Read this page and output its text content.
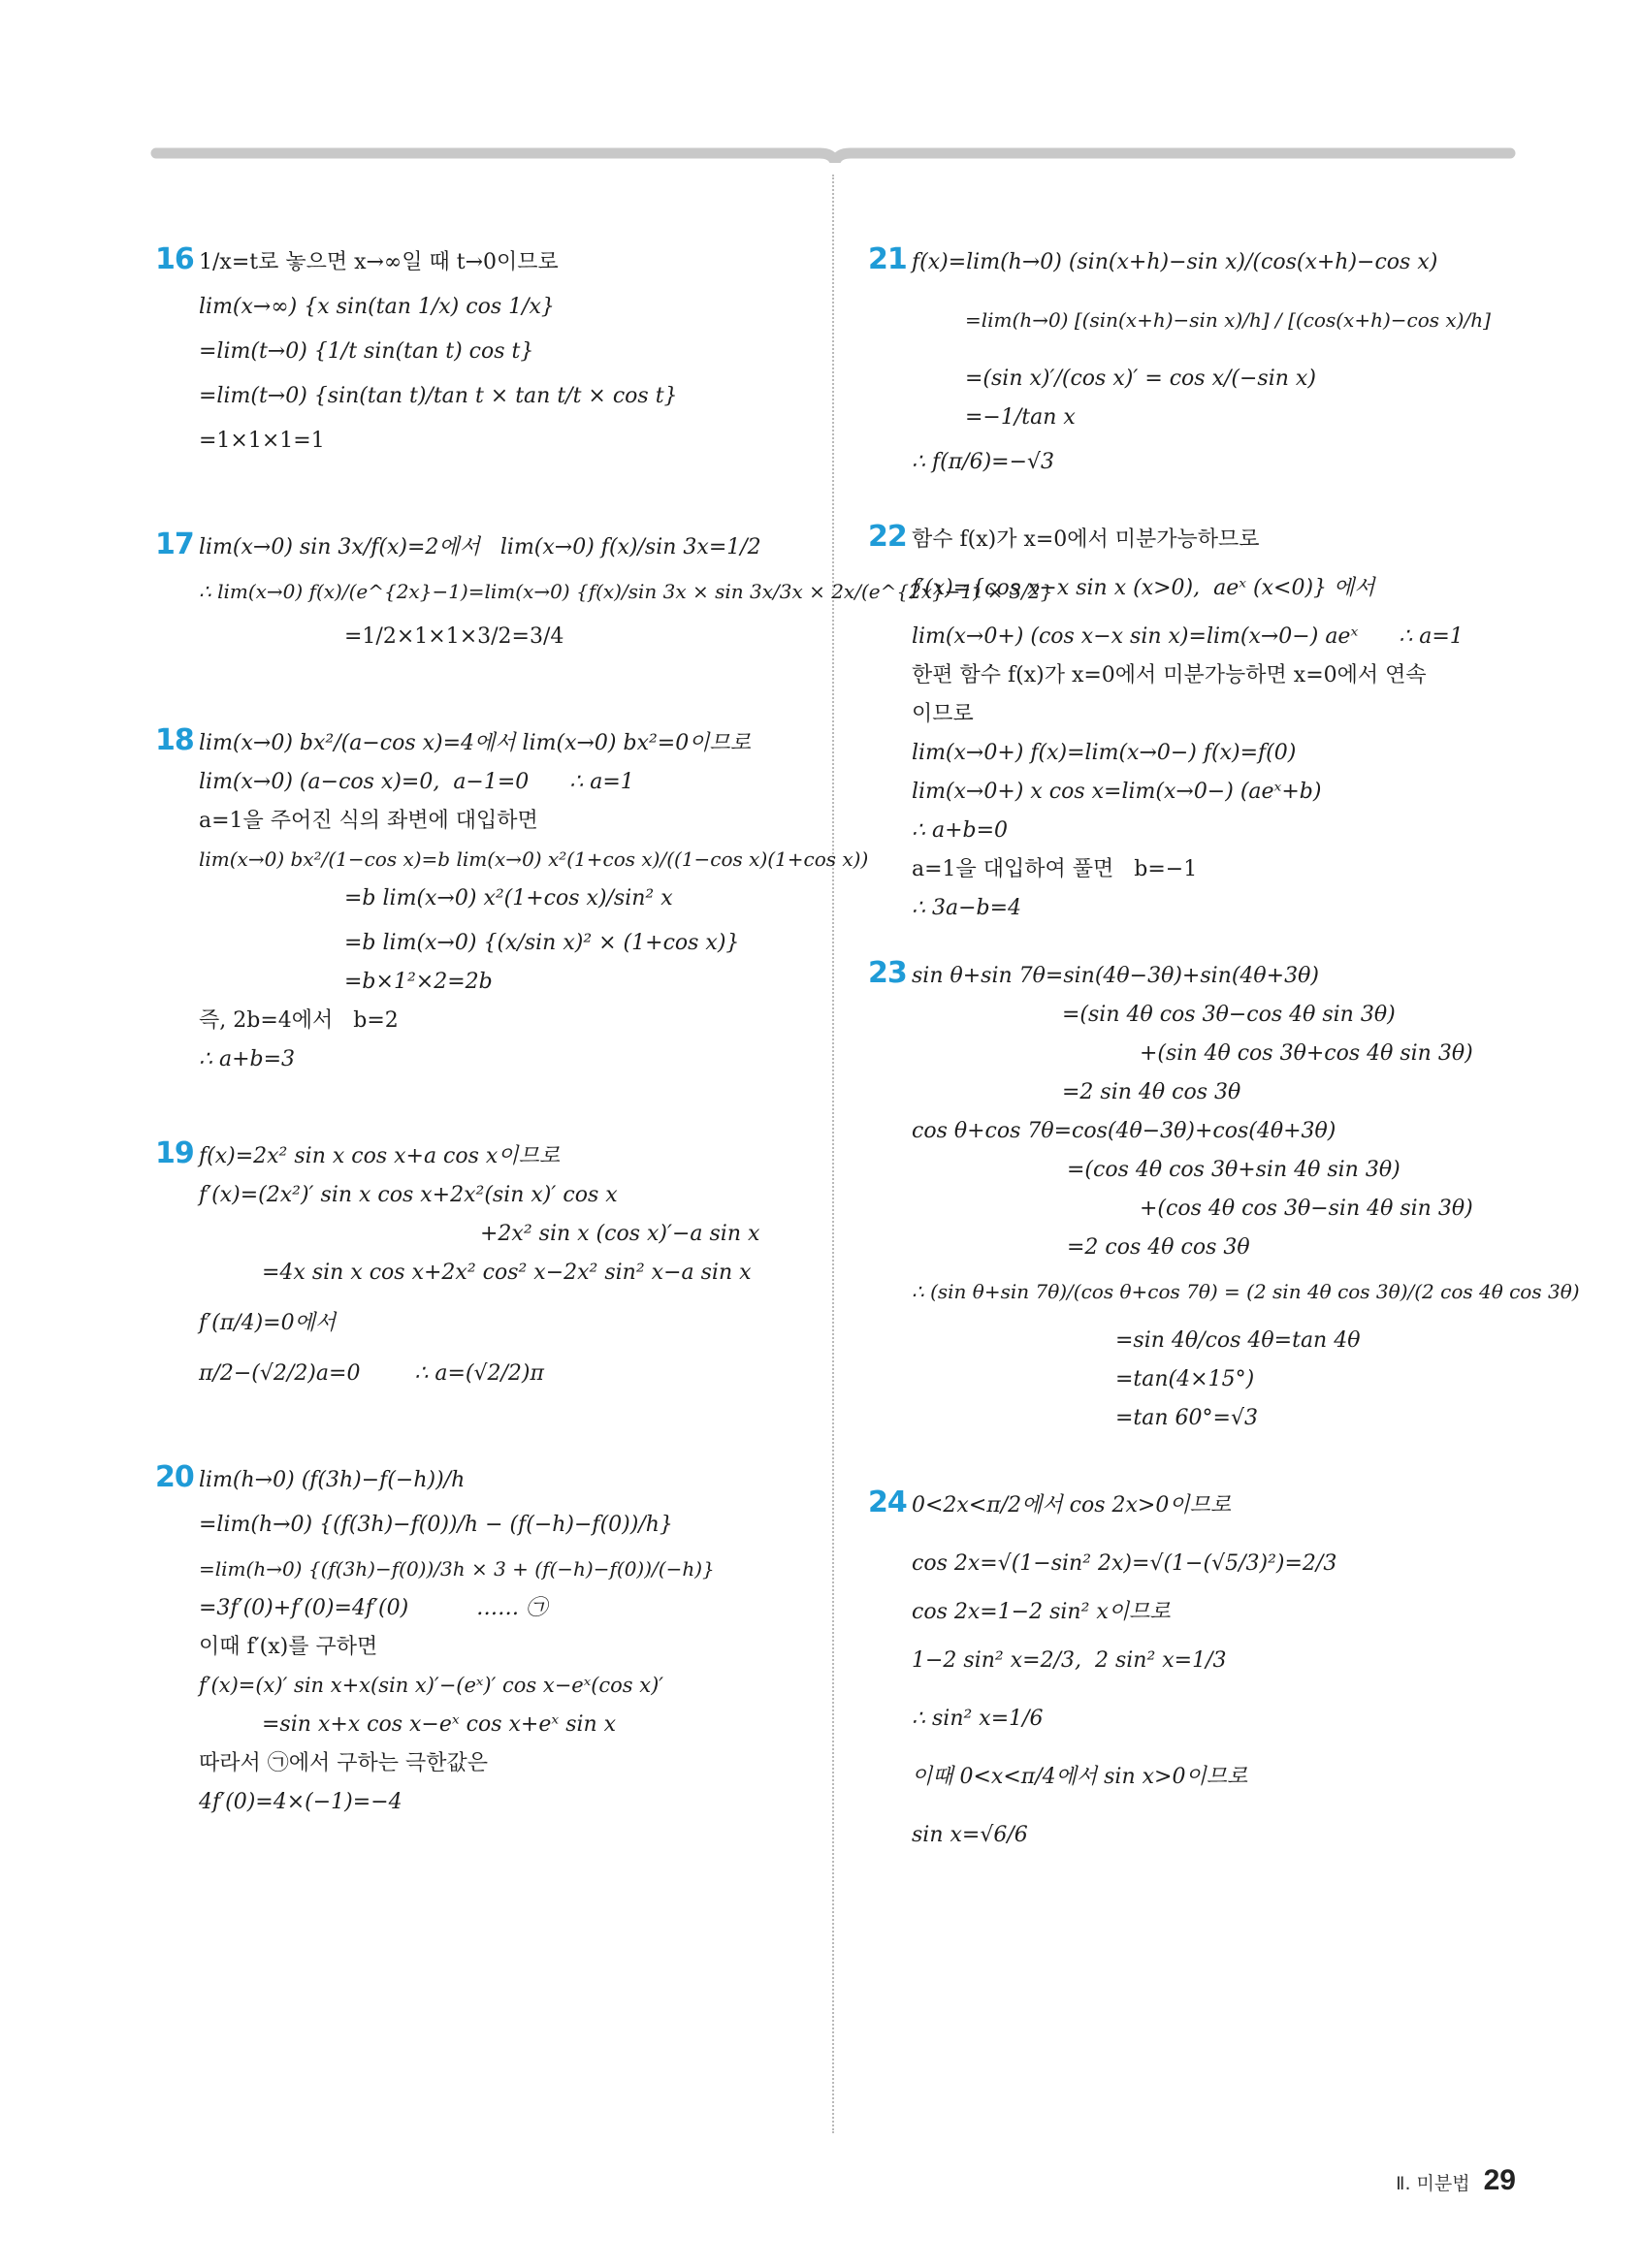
16 1/x=t로 놓으면 x→∞일 때 t→0이므로
lim(x→∞) {x sin(tan 1/x) cos 1/x}
=lim(t→0) {1/t sin(tan t) cos t}
=lim(t→0) {sin(tan t)/tan t × tan t/t × cos t}
=1×1×1=1
17 lim(x→0) sin 3x/f(x)=2에서   lim(x→0) f(x)/sin 3x=1/2
∴ lim(x→0) f(x)/(e^{2x}−1)=lim(x→0) {f(x)/sin 3x × sin 3x/3x × 2x/(e^{2x}−1) × 3/2}
=1/2×1×1×3/2=3/4
18 lim(x→0) bx²/(a−cos x)=4에서 lim(x→0) bx²=0이므로
lim(x→0) (a−cos x)=0,  a−1=0      ∴ a=1
a=1을 주어진 식의 좌변에 대입하면
lim(x→0) bx²/(1−cos x)=b lim(x→0) x²(1+cos x)/((1−cos x)(1+cos x))
=b lim(x→0) x²(1+cos x)/sin² x
=b lim(x→0) {(x/sin x)² × (1+cos x)}
=b×1²×2=2b
즉, 2b=4에서   b=2
∴ a+b=3
19 f(x)=2x² sin x cos x+a cos x이므로
f′(x)=(2x²)′ sin x cos x+2x²(sin x)′ cos x
+2x² sin x (cos x)′−a sin x
=4x sin x cos x+2x² cos² x−2x² sin² x−a sin x
f′(π/4)=0에서
π/2−(√2/2)a=0        ∴ a=(√2/2)π
20 lim(h→0) (f(3h)−f(−h))/h
=lim(h→0) {(f(3h)−f(0))/h − (f(−h)−f(0))/h}
=lim(h→0) {(f(3h)−f(0))/3h × 3 + (f(−h)−f(0))/(−h)}
=3f′(0)+f′(0)=4f′(0)          …… ㉠
이때 f′(x)를 구하면
f′(x)=(x)′ sin x+x(sin x)′−(eˣ)′ cos x−eˣ(cos x)′
=sin x+x cos x−eˣ cos x+eˣ sin x
따라서 ㉠에서 구하는 극한값은
4f′(0)=4×(−1)=−4
21 f(x)=lim(h→0) (sin(x+h)−sin x)/(cos(x+h)−cos x)
=lim(h→0) [(sin(x+h)−sin x)/h] / [(cos(x+h)−cos x)/h]
=(sin x)′/(cos x)′ = cos x/(−sin x)
=−1/tan x
∴ f(π/6)=−√3
22 함수 f(x)가 x=0에서 미분가능하므로
f′(x)={cos x−x sin x (x>0),  aeˣ (x<0)} 에서
lim(x→0+) (cos x−x sin x)=lim(x→0−) aeˣ      ∴ a=1
한편 함수 f(x)가 x=0에서 미분가능하면 x=0에서 연속
이므로
lim(x→0+) f(x)=lim(x→0−) f(x)=f(0)
lim(x→0+) x cos x=lim(x→0−) (aeˣ+b)
∴ a+b=0
a=1을 대입하여 풀면   b=−1
∴ 3a−b=4
23 sin θ+sin 7θ=sin(4θ−3θ)+sin(4θ+3θ)
=(sin 4θ cos 3θ−cos 4θ sin 3θ)
+(sin 4θ cos 3θ+cos 4θ sin 3θ)
=2 sin 4θ cos 3θ
cos θ+cos 7θ=cos(4θ−3θ)+cos(4θ+3θ)
=(cos 4θ cos 3θ+sin 4θ sin 3θ)
+(cos 4θ cos 3θ−sin 4θ sin 3θ)
=2 cos 4θ cos 3θ
∴ (sin θ+sin 7θ)/(cos θ+cos 7θ) = (2 sin 4θ cos 3θ)/(2 cos 4θ cos 3θ)
=sin 4θ/cos 4θ=tan 4θ
=tan(4×15°)
=tan 60°=√3
24 0<2x<π/2에서 cos 2x>0이므로
cos 2x=√(1−sin² 2x)=√(1−(√5/3)²)=2/3
cos 2x=1−2 sin² x이므로
1−2 sin² x=2/3,  2 sin² x=1/3
∴ sin² x=1/6
이때 0<x<π/4에서 sin x>0이므로
sin x=√6/6
Ⅱ. 미분법 29
